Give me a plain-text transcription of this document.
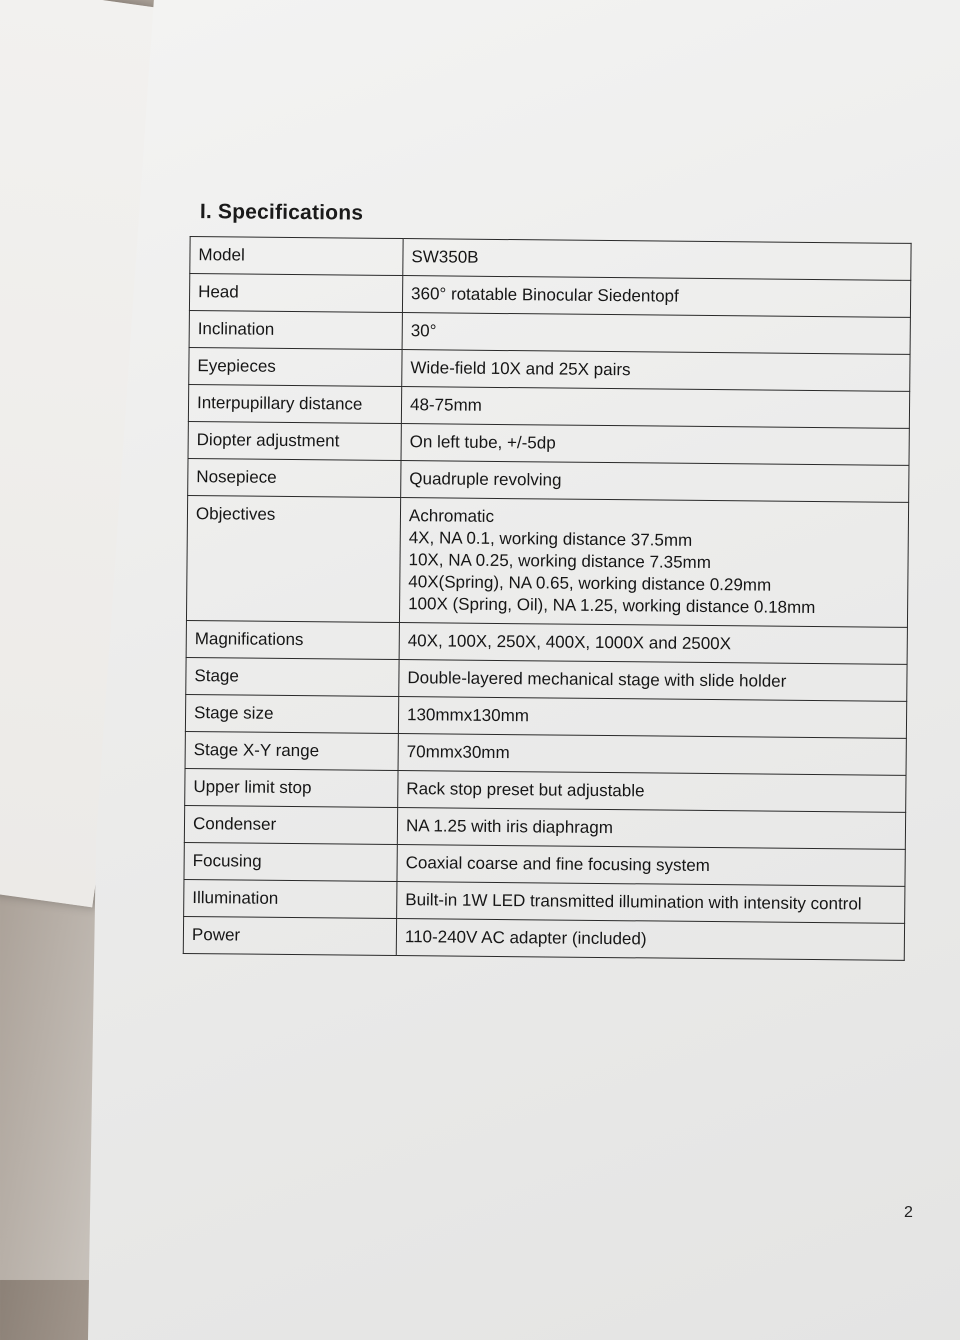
I. Specifications
Model	SW350B

Head	360° rotatable Binocular Siedentopf

Inclination	30°

Eyepieces	Wide-field 10X and 25X pairs

Interpupillary distance	48-75mm

Diopter adjustment	On left tube, +/-5dp

Nosepiece	Quadruple revolving

Objectives	Achromatic
4X, NA 0.1, working distance 37.5mm
10X, NA 0.25, working distance 7.35mm
40X(Spring), NA 0.65, working distance 0.29mm
100X (Spring, Oil), NA 1.25, working distance 0.18mm

Magnifications	40X, 100X, 250X, 400X, 1000X and 2500X

Stage	Double-layered mechanical stage with slide holder

Stage size	130mmx130mm

Stage X-Y range	70mmx30mm

Upper limit stop	Rack stop preset but adjustable

Condenser	NA 1.25 with iris diaphragm

Focusing	Coaxial coarse and fine focusing system

Illumination	Built-in 1W LED transmitted illumination with intensity control

Power	110-240V AC adapter (included)
2
